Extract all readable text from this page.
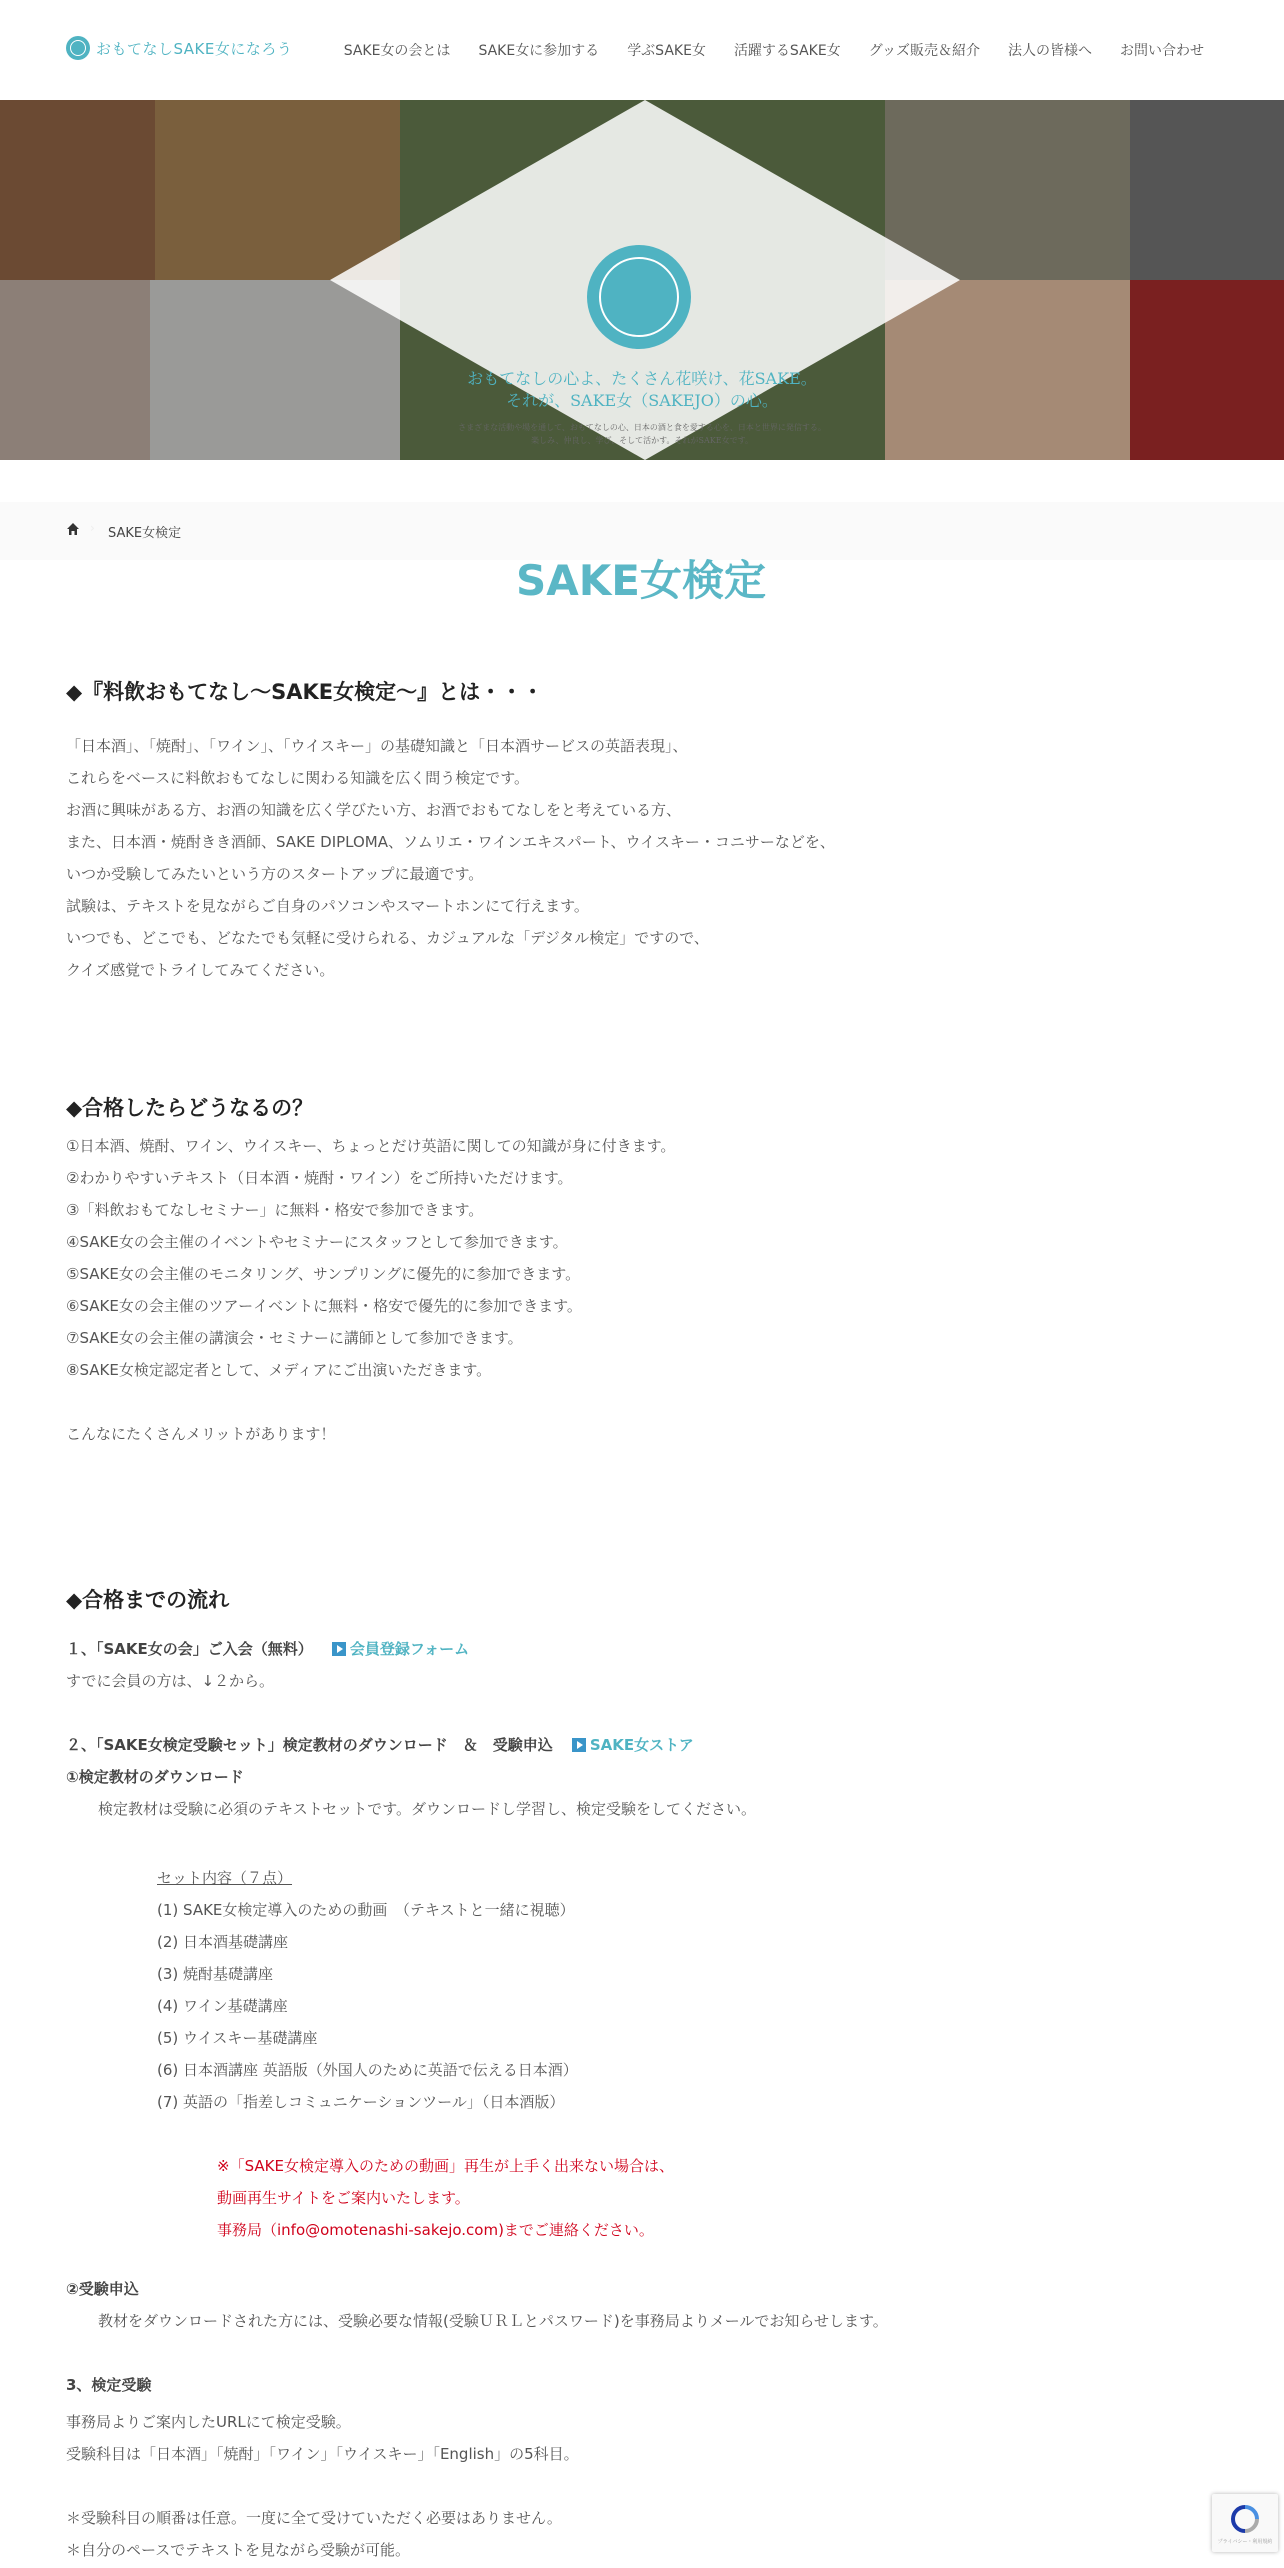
おもてなしSAKE女になろう	SAKE女の会とは SAKE女に参加する 学ぶSAKE女 活躍するSAKE女 グッズ販売＆紹介 法人の皆様へ お問い合わせ
おもてなしの心よ、たくさん花咲け、花SAKE。
それが、SAKE女（SAKEJO）の心。
さまざまな活動や場を通して、おもてなしの心、日本の酒と食を愛する心を、日本と世界に発信する。
楽しみ、仲良し、学び、そして活かす。それがSAKE女です。
› SAKE女検定
SAKE女検定
◆『料飲おもてなし～SAKE女検定～』とは・・・
「日本酒」、「焼酎」、「ワイン」、「ウイスキー」の基礎知識と「日本酒サービスの英語表現」、
これらをベースに料飲おもてなしに関わる知識を広く問う検定です。
お酒に興味がある方、お酒の知識を広く学びたい方、お酒でおもてなしをと考えている方、
また、日本酒・焼酎きき酒師、SAKE DIPLOMA、ソムリエ・ワインエキスパート、ウイスキー・コニサーなどを、
いつか受験してみたいという方のスタートアップに最適です。
試験は、テキストを見ながらご自身のパソコンやスマートホンにて行えます。
いつでも、どこでも、どなたでも気軽に受けられる、カジュアルな「デジタル検定」ですので、
クイズ感覚でトライしてみてください。
◆合格したらどうなるの？
①日本酒、焼酎、ワイン、ウイスキー、ちょっとだけ英語に関しての知識が身に付きます。
②わかりやすいテキスト（日本酒・焼酎・ワイン）をご所持いただけます。
③「料飲おもてなしセミナー」に無料・格安で参加できます。
④SAKE女の会主催のイベントやセミナーにスタッフとして参加できます。
⑤SAKE女の会主催のモニタリング、サンプリングに優先的に参加できます。
⑥SAKE女の会主催のツアーイベントに無料・格安で優先的に参加できます。
⑦SAKE女の会主催の講演会・セミナーに講師として参加できます。
⑧SAKE女検定認定者として、メディアにご出演いただきます。
こんなにたくさんメリットがあります！
◆合格までの流れ
１、「SAKE女の会」ご入会（無料） 会員登録フォーム
すでに会員の方は、↓２から。
２、「SAKE女検定受験セット」検定教材のダウンロード　＆　受験申込 SAKE女ストア
①検定教材のダウンロード
検定教材は受験に必須のテキストセットです。ダウンロードし学習し、検定受験をしてください。
セット内容（７点）
(1) SAKE女検定導入のための動画　（テキストと一緒に視聴）
(2) 日本酒基礎講座
(3) 焼酎基礎講座
(4) ワイン基礎講座
(5) ウイスキー基礎講座
(6) 日本酒講座 英語版（外国人のために英語で伝える日本酒）
(7) 英語の「指差しコミュニケーションツール」（日本酒版）
※「SAKE女検定導入のための動画」再生が上手く出来ない場合は、
動画再生サイトをご案内いたします。
事務局（info@omotenashi-sakejo.com)までご連絡ください。
②受験申込
教材をダウンロードされた方には、受験必要な情報(受験ＵＲＬとパスワード)を事務局よりメールでお知らせします。
3、検定受験
事務局よりご案内したURLにて検定受験。
受験科目は「日本酒」「焼酎」「ワイン」「ウイスキー」「English」の5科目。
＊受験科目の順番は任意。一度に全て受けていただく必要はありません。
＊自分のペースでテキストを見ながら受験が可能。	プライバシー・利用規約
